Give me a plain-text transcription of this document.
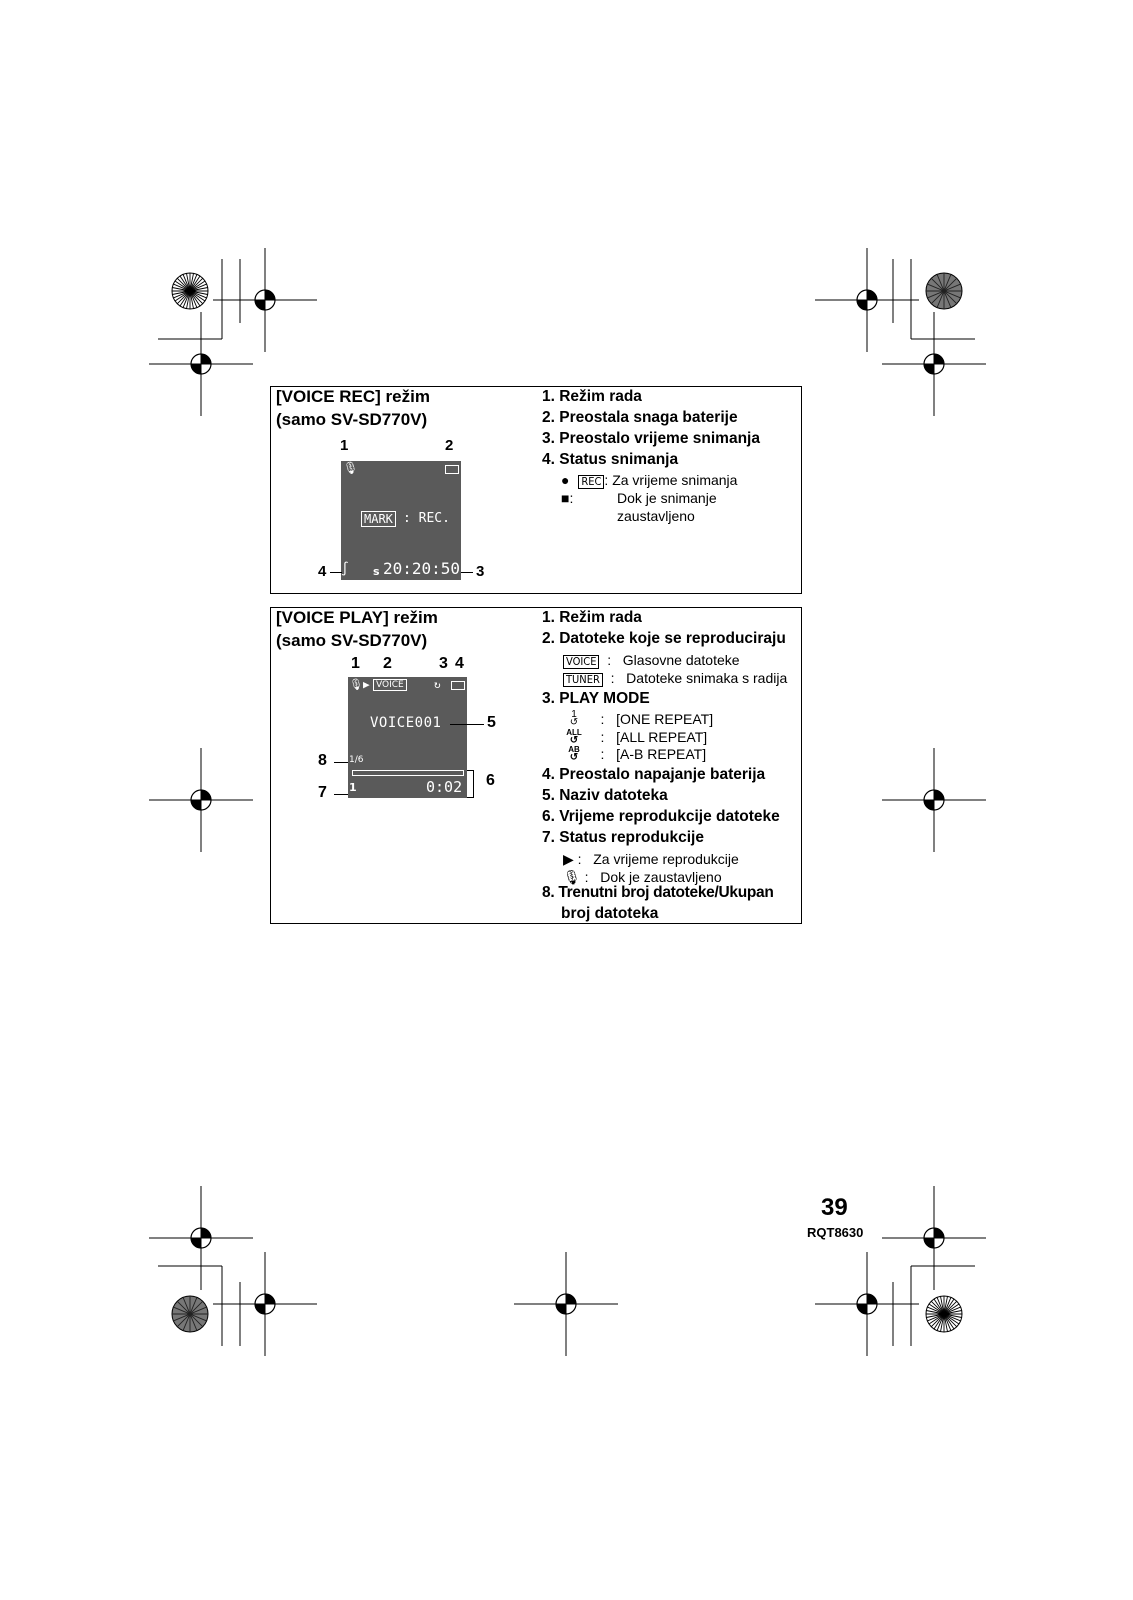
[VOICE REC] režim
(samo SV-SD770V)
🎙
MARK : REC.
∫ s 20:20:50
1	2
4	3
1. Režim rada
2. Preostala snaga baterije
3. Preostalo vrijeme snimanja
4. Status snimanja
● REC : Za vrijeme snimanja
■:	Dok je snimanje
zaustavljeno
[VOICE PLAY] režim
(samo SV-SD770V)
🎙▶ VOICE	↻
VOICE001
1/6
1	0:02
1 2	3 4
5
6
8
7
1. Režim rada
2. Datoteke koje se reproduciraju
VOICE  :   Glasovne datoteke
TUNER  :   Datoteke snimaka s radija
3. PLAY MODE
1
↺    :   [ONE REPEAT]
ALL
↺    :   [ALL REPEAT]
AB
↺    :   [A-B REPEAT]
4. Preostalo napajanje baterija
5. Naziv datoteka
6. Vrijeme reprodukcije datoteke
7. Status reprodukcije
▶ :   Za vrijeme reprodukcije
🎙 :   Dok je zaustavljeno
8. Trenutni broj datoteke/Ukupan
broj datoteka
39
RQT8630
